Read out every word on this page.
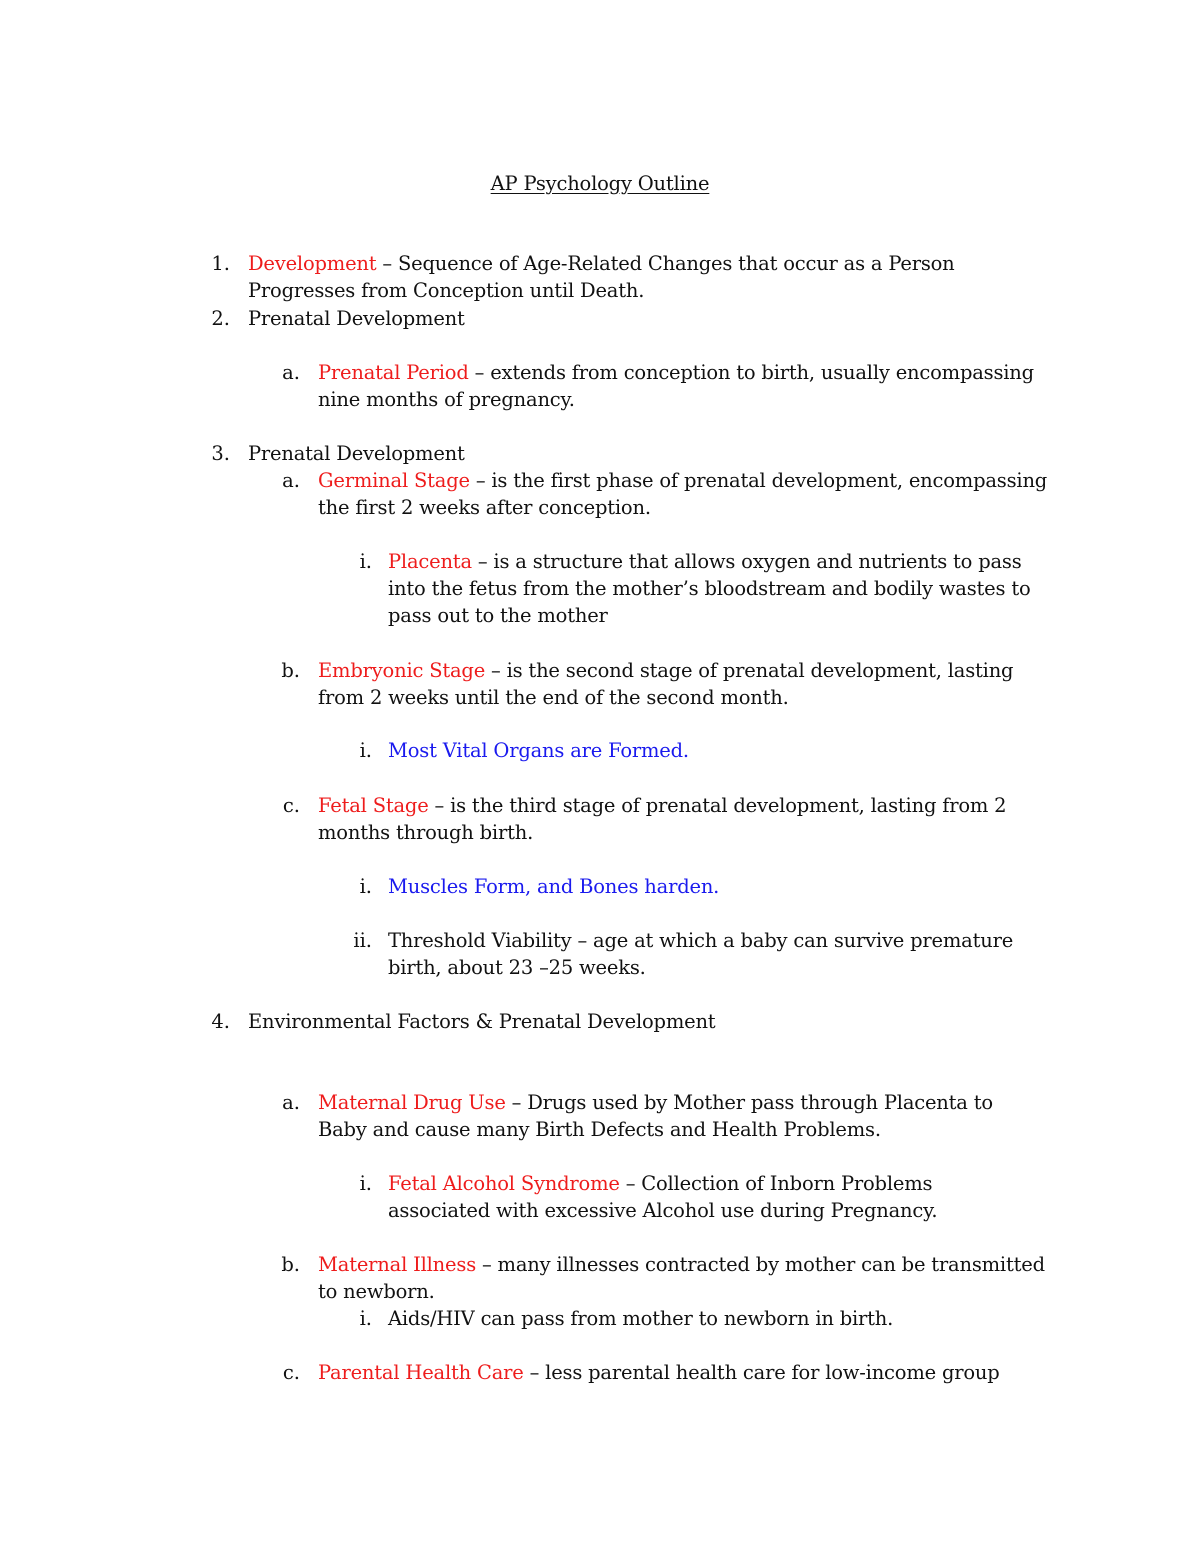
AP Psychology Outline
1. Development – Sequence of Age-Related Changes that occur as a Person
Progresses from Conception until Death.
2. Prenatal Development
a. Prenatal Period – extends from conception to birth, usually encompassing
nine months of pregnancy.
3. Prenatal Development
a. Germinal Stage – is the first phase of prenatal development, encompassing
the first 2 weeks after conception.
i. Placenta – is a structure that allows oxygen and nutrients to pass
into the fetus from the mother’s bloodstream and bodily wastes to
pass out to the mother
b. Embryonic Stage – is the second stage of prenatal development, lasting
from 2 weeks until the end of the second month.
i. Most Vital Organs are Formed.
c. Fetal Stage – is the third stage of prenatal development, lasting from 2
months through birth.
i. Muscles Form, and Bones harden.
ii. Threshold Viability – age at which a baby can survive premature
birth, about 23 –25 weeks.
4. Environmental Factors & Prenatal Development
a. Maternal Drug Use – Drugs used by Mother pass through Placenta to
Baby and cause many Birth Defects and Health Problems.
i. Fetal Alcohol Syndrome – Collection of Inborn Problems
associated with excessive Alcohol use during Pregnancy.
b. Maternal Illness – many illnesses contracted by mother can be transmitted
to newborn.
i. Aids/HIV can pass from mother to newborn in birth.
c. Parental Health Care – less parental health care for low-income group
